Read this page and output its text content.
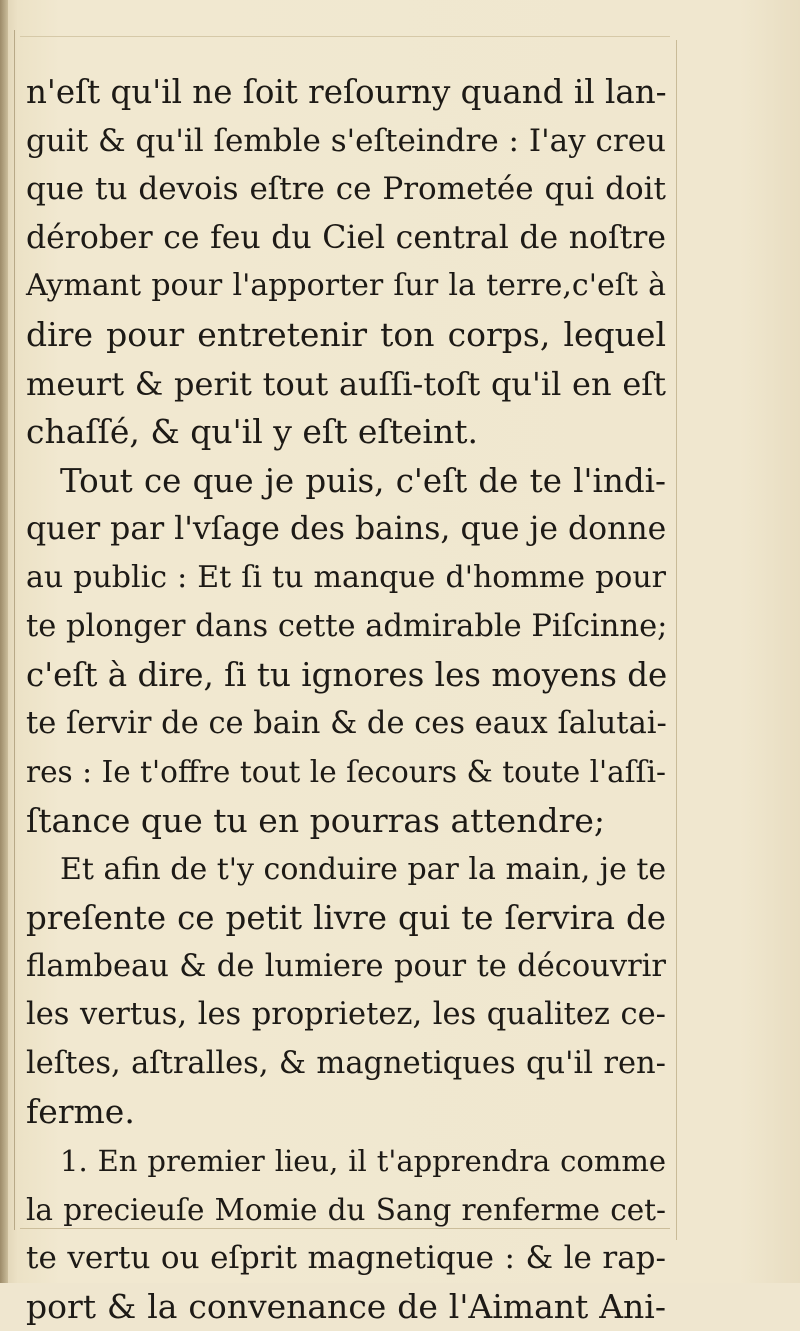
n'eſt qu'il ne ſoit reſourny quand il lan-
guit & qu'il ſemble s'eſteindre : I'ay creu
que tu devois eſtre ce Prometée qui doit
dérober ce feu du Ciel central de noſtre
Aymant pour l'apporter ſur la terre,c'eſt à
dire pour entretenir ton corps, lequel
meurt & perit tout auſſi-toſt qu'il en eſt
chaſſé, & qu'il y eſt eſteint.
Tout ce que je puis, c'eſt de te l'indi-
quer par l'vſage des bains, que je donne
au public : Et ſi tu manque d'homme pour
te plonger dans cette admirable Piſcinne;
c'eſt à dire, ſi tu ignores les moyens de
te ſervir de ce bain & de ces eaux ſalutai-
res : Ie t'offre tout le ſecours & toute l'aſſi-
ſtance que tu en pourras attendre;
Et afin de t'y conduire par la main, je te
preſente ce petit livre qui te ſervira de
flambeau & de lumiere pour te découvrir
les vertus, les proprietez, les qualitez ce-
leſtes, aſtralles, & magnetiques qu'il ren-
ferme.
1. En premier lieu, il t'apprendra comme
la precieuſe Momie du Sang renferme cet-
te vertu ou eſprit magnetique : & le rap-
port & la convenance de l'Aimant Ani-
